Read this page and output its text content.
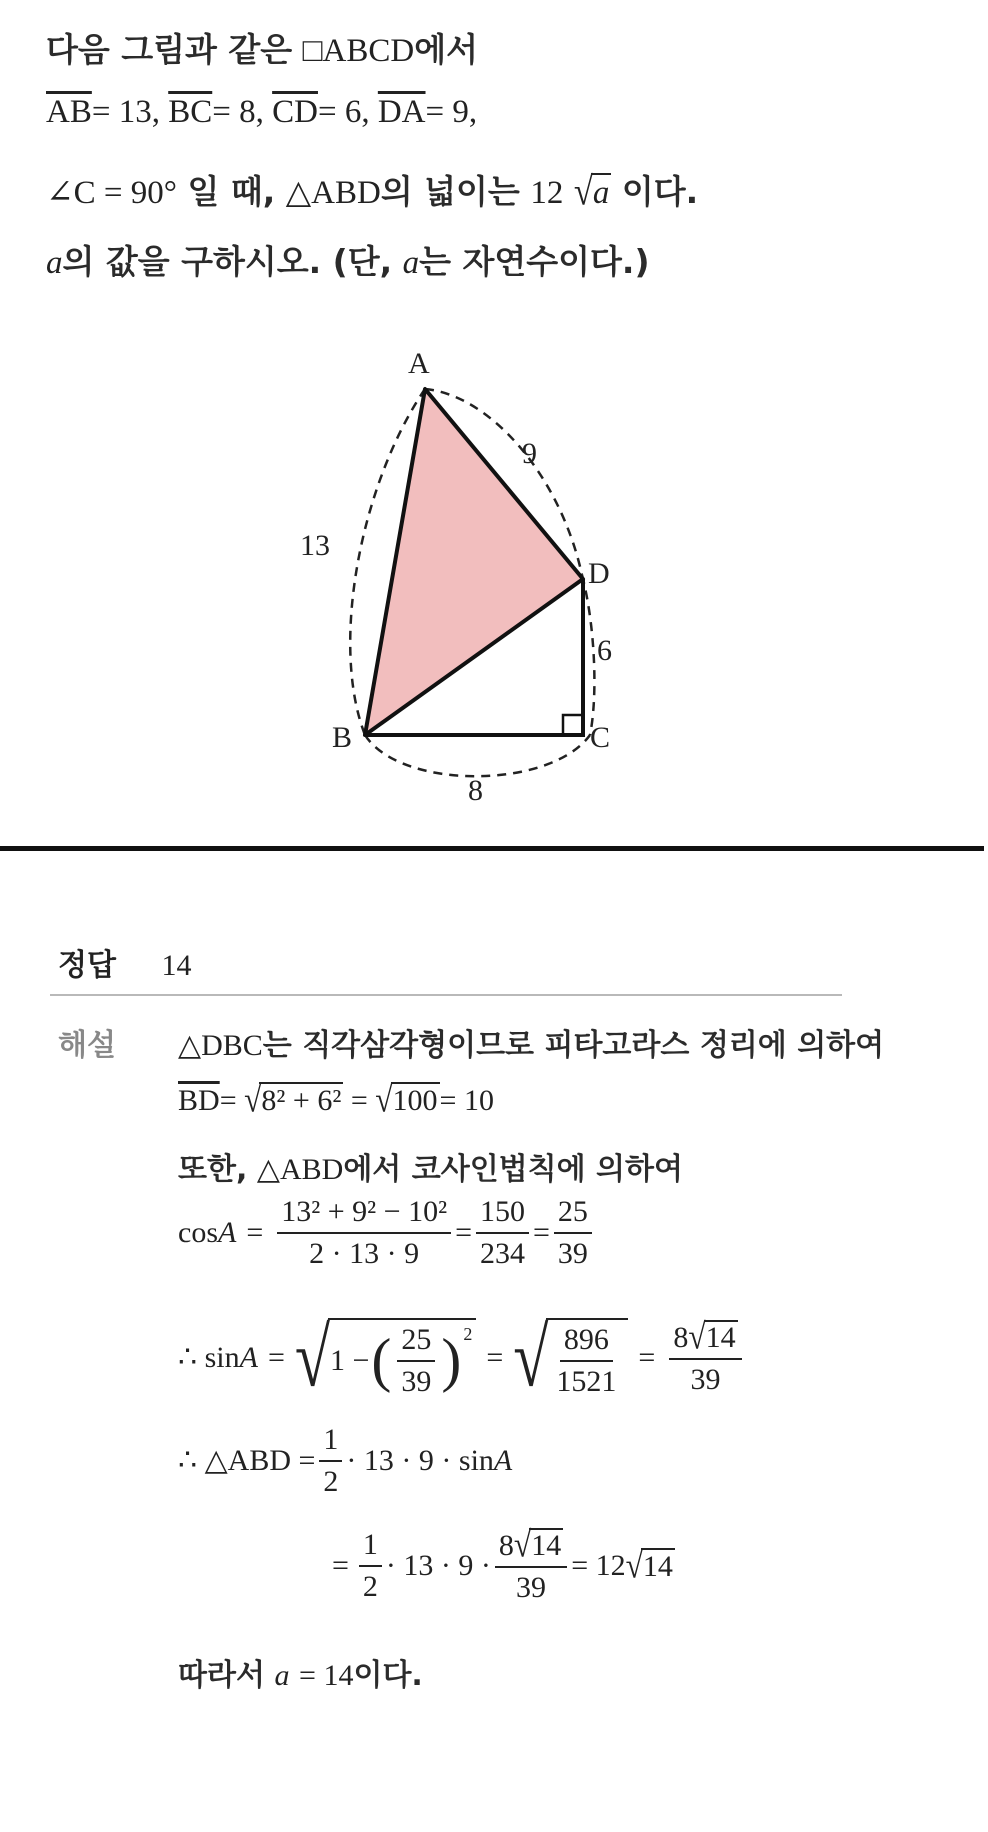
다음 그림과 같은 □ABCD에서
$\overline{AB}= 13$, $\overline{BC}= 8$, $\overline{CD}= 6$, $\overline{DA}= 9$,
∠C = 90° 일 때, △ABD의 넓이는 12 √a 이다.
a의 값을 구하시오. (단, a는 자연수이다.)
A
B	C
D
13
9
6
8
정답 14
해설 △DBC는 직각삼각형이므로 피타고라스 정리에 의하여
$\overline{BD}= √8^2 + 6^2 = √100= 10$
또한, △ABD에서 코사인법칙에 의하여
$\cos A = \frac{\text{13² + 9² − 10²}}{2 \cdot 13 \cdot 9} = \frac{150}{234} = \frac{25}{39}$
∴ sin A = √ 1 − ( $\frac{25}{39}$ ) 2
= √ $\frac{896}{1521} = \frac{8√14}{39}$
∴ △ABD = $\frac{1}{2} \cdot 13 \cdot 9 \cdot \sin A$
= $\frac{1}{2} \cdot 13 \cdot 9 \cdot \frac{8√14}{39} = 12$ √14
따라서 a = 14이다.
